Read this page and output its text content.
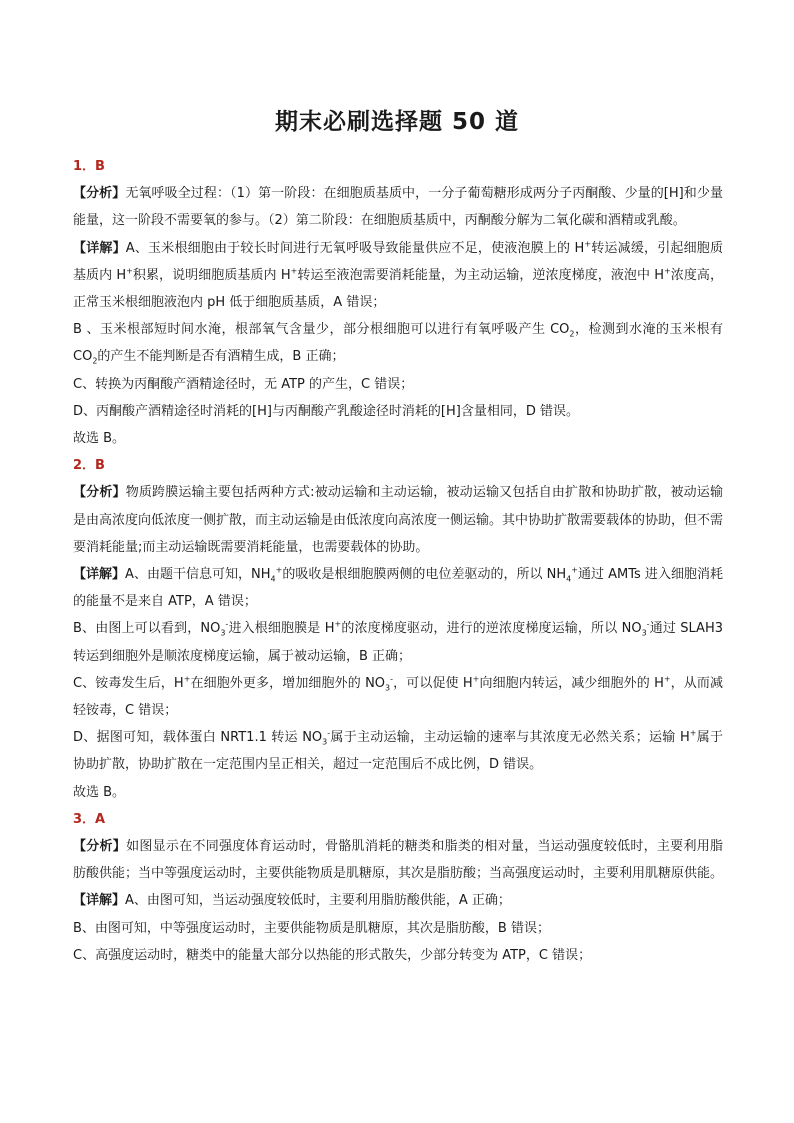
期末必刷选择题 50 道

1．B

【分析】无氧呼吸全过程：（1）第一阶段：在细胞质基质中，一分子葡萄糖形成两分子丙酮酸、少量的[H]和少量能量，这一阶段不需要氧的参与。（2）第二阶段：在细胞质基质中，丙酮酸分解为二氧化碳和酒精或乳酸。

【详解】A、玉米根细胞由于较长时间进行无氧呼吸导致能量供应不足，使液泡膜上的 H+转运减缓，引起细胞质基质内 H+积累，说明细胞质基质内 H+转运至液泡需要消耗能量，为主动运输，逆浓度梯度，液泡中 H+浓度高，正常玉米根细胞液泡内 pH 低于细胞质基质，A 错误；

B 、玉米根部短时间水淹，根部氧气含量少，部分根细胞可以进行有氧呼吸产生 $CO_2$，检测到水淹的玉米根有 $CO_2$的产生不能判断是否有酒精生成，B 正确；

C、转换为丙酮酸产酒精途径时，无 ATP 的产生，C 错误；

D、丙酮酸产酒精途径时消耗的[H]与丙酮酸产乳酸途径时消耗的[H]含量相同，D 错误。

故选 B。

2．B

【分析】物质跨膜运输主要包括两种方式:被动运输和主动运输，被动运输又包括自由扩散和协助扩散，被动运输是由高浓度向低浓度一侧扩散，而主动运输是由低浓度向高浓度一侧运输。其中协助扩散需要载体的协助，但不需要消耗能量;而主动运输既需要消耗能量，也需要载体的协助。

【详解】A、由题干信息可知，$NH_4^+$的吸收是根细胞膜两侧的电位差驱动的，所以 $NH_4^+$通过 AMTs 进入细胞消耗的能量不是来自 ATP，A 错误；

B、由图上可以看到，$NO_3^-$进入根细胞膜是 H+的浓度梯度驱动，进行的逆浓度梯度运输，所以 $NO_3^-$通过 SLAH3 转运到细胞外是顺浓度梯度运输，属于被动运输，B 正确；

C、铵毒发生后，H+在细胞外更多，增加细胞外的 $NO_3^-$，可以促使 H+向细胞内转运，减少细胞外的 H+，从而减轻铵毒，C 错误；

D、据图可知，载体蛋白 NRT1.1 转运 $NO_3^-$属于主动运输，主动运输的速率与其浓度无必然关系；运输 H+属于协助扩散，协助扩散在一定范围内呈正相关，超过一定范围后不成比例，D 错误。

故选 B。

3．A

【分析】如图显示在不同强度体育运动时，骨骼肌消耗的糖类和脂类的相对量，当运动强度较低时，主要利用脂肪酸供能；当中等强度运动时，主要供能物质是肌糖原，其次是脂肪酸；当高强度运动时，主要利用肌糖原供能。

【详解】A、由图可知，当运动强度较低时，主要利用脂肪酸供能，A 正确；

B、由图可知，中等强度运动时，主要供能物质是肌糖原，其次是脂肪酸，B 错误；

C、高强度运动时，糖类中的能量大部分以热能的形式散失，少部分转变为 ATP，C 错误；
